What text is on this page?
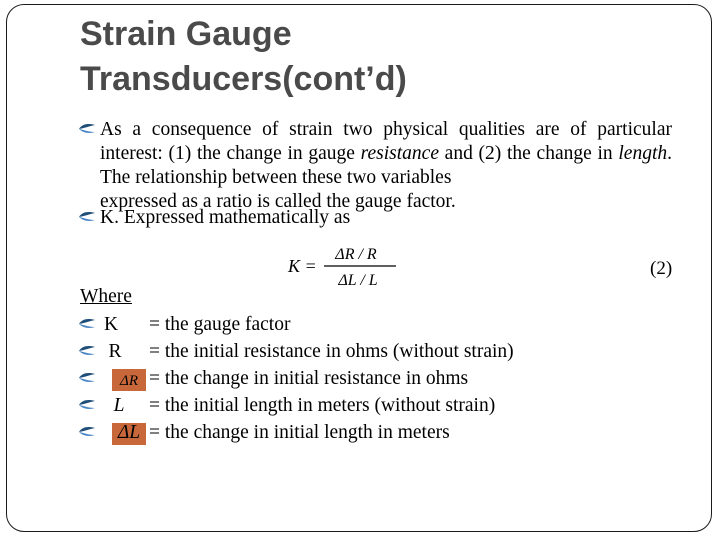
Strain Gauge
Transducers(cont’d)
As a consequence of strain two physical qualities are of particular interest: (1) the change in gauge resistance and (2) the change in length. The relationship between these two variables
expressed as a ratio is called the gauge factor.
K. Expressed mathematically as
K =
ΔR / R
ΔL / L
(2)
Where
K	= the gauge factor
R	= the initial resistance in ohms (without strain)
ΔR = the change in initial resistance in ohms
L	= the initial length in meters (without strain)
ΔL = the change in initial length in meters
